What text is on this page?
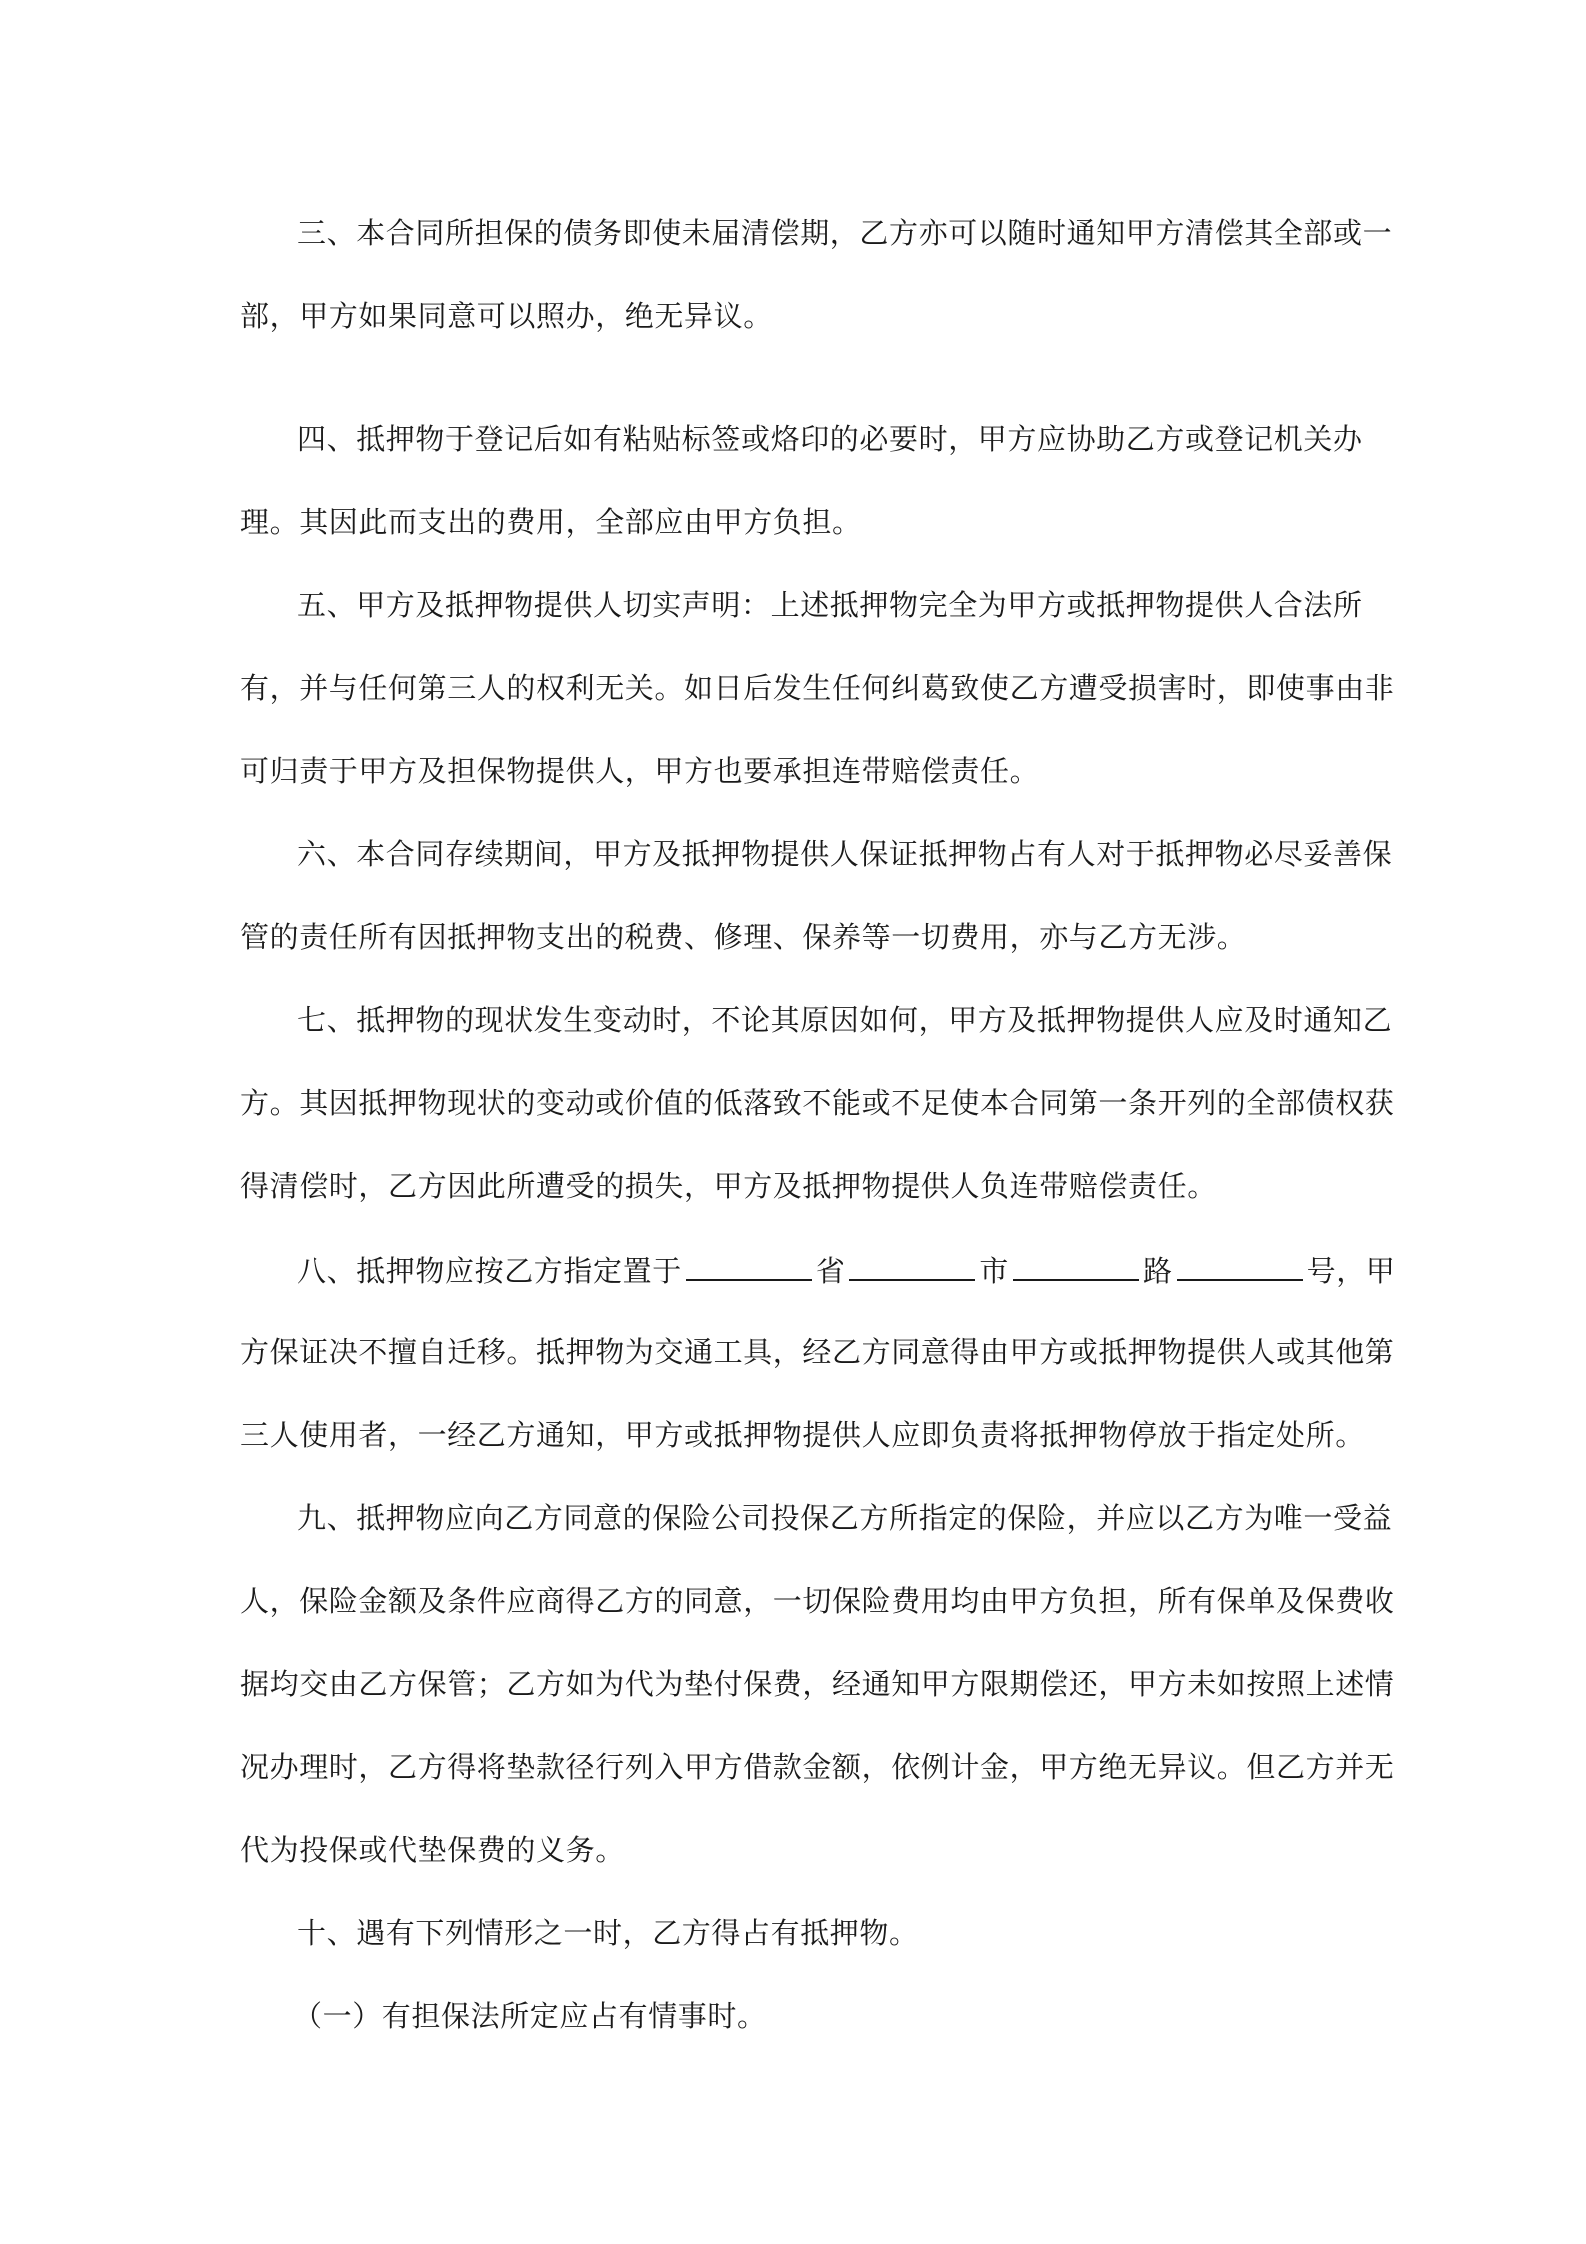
三、本合同所担保的债务即使未届清偿期，乙方亦可以随时通知甲方清偿其全部或一
部，甲方如果同意可以照办，绝无异议。
四、抵押物于登记后如有粘贴标签或烙印的必要时，甲方应协助乙方或登记机关办
理。其因此而支出的费用，全部应由甲方负担。
五、甲方及抵押物提供人切实声明：上述抵押物完全为甲方或抵押物提供人合法所
有，并与任何第三人的权利无关。如日后发生任何纠葛致使乙方遭受损害时，即使事由非
可归责于甲方及担保物提供人，甲方也要承担连带赔偿责任。
六、本合同存续期间，甲方及抵押物提供人保证抵押物占有人对于抵押物必尽妥善保
管的责任所有因抵押物支出的税费、修理、保养等一切费用，亦与乙方无涉。
七、抵押物的现状发生变动时，不论其原因如何，甲方及抵押物提供人应及时通知乙
方。其因抵押物现状的变动或价值的低落致不能或不足使本合同第一条开列的全部债权获
得清偿时，乙方因此所遭受的损失，甲方及抵押物提供人负连带赔偿责任。
八、抵押物应按乙方指定置于	省	市	路	号，甲
方保证决不擅自迁移。抵押物为交通工具，经乙方同意得由甲方或抵押物提供人或其他第
三人使用者，一经乙方通知，甲方或抵押物提供人应即负责将抵押物停放于指定处所。
九、抵押物应向乙方同意的保险公司投保乙方所指定的保险，并应以乙方为唯一受益
人，保险金额及条件应商得乙方的同意，一切保险费用均由甲方负担，所有保单及保费收
据均交由乙方保管；乙方如为代为垫付保费，经通知甲方限期偿还，甲方未如按照上述情
况办理时，乙方得将垫款径行列入甲方借款金额，依例计金，甲方绝无异议。但乙方并无
代为投保或代垫保费的义务。
十、遇有下列情形之一时，乙方得占有抵押物。
（一）有担保法所定应占有情事时。
